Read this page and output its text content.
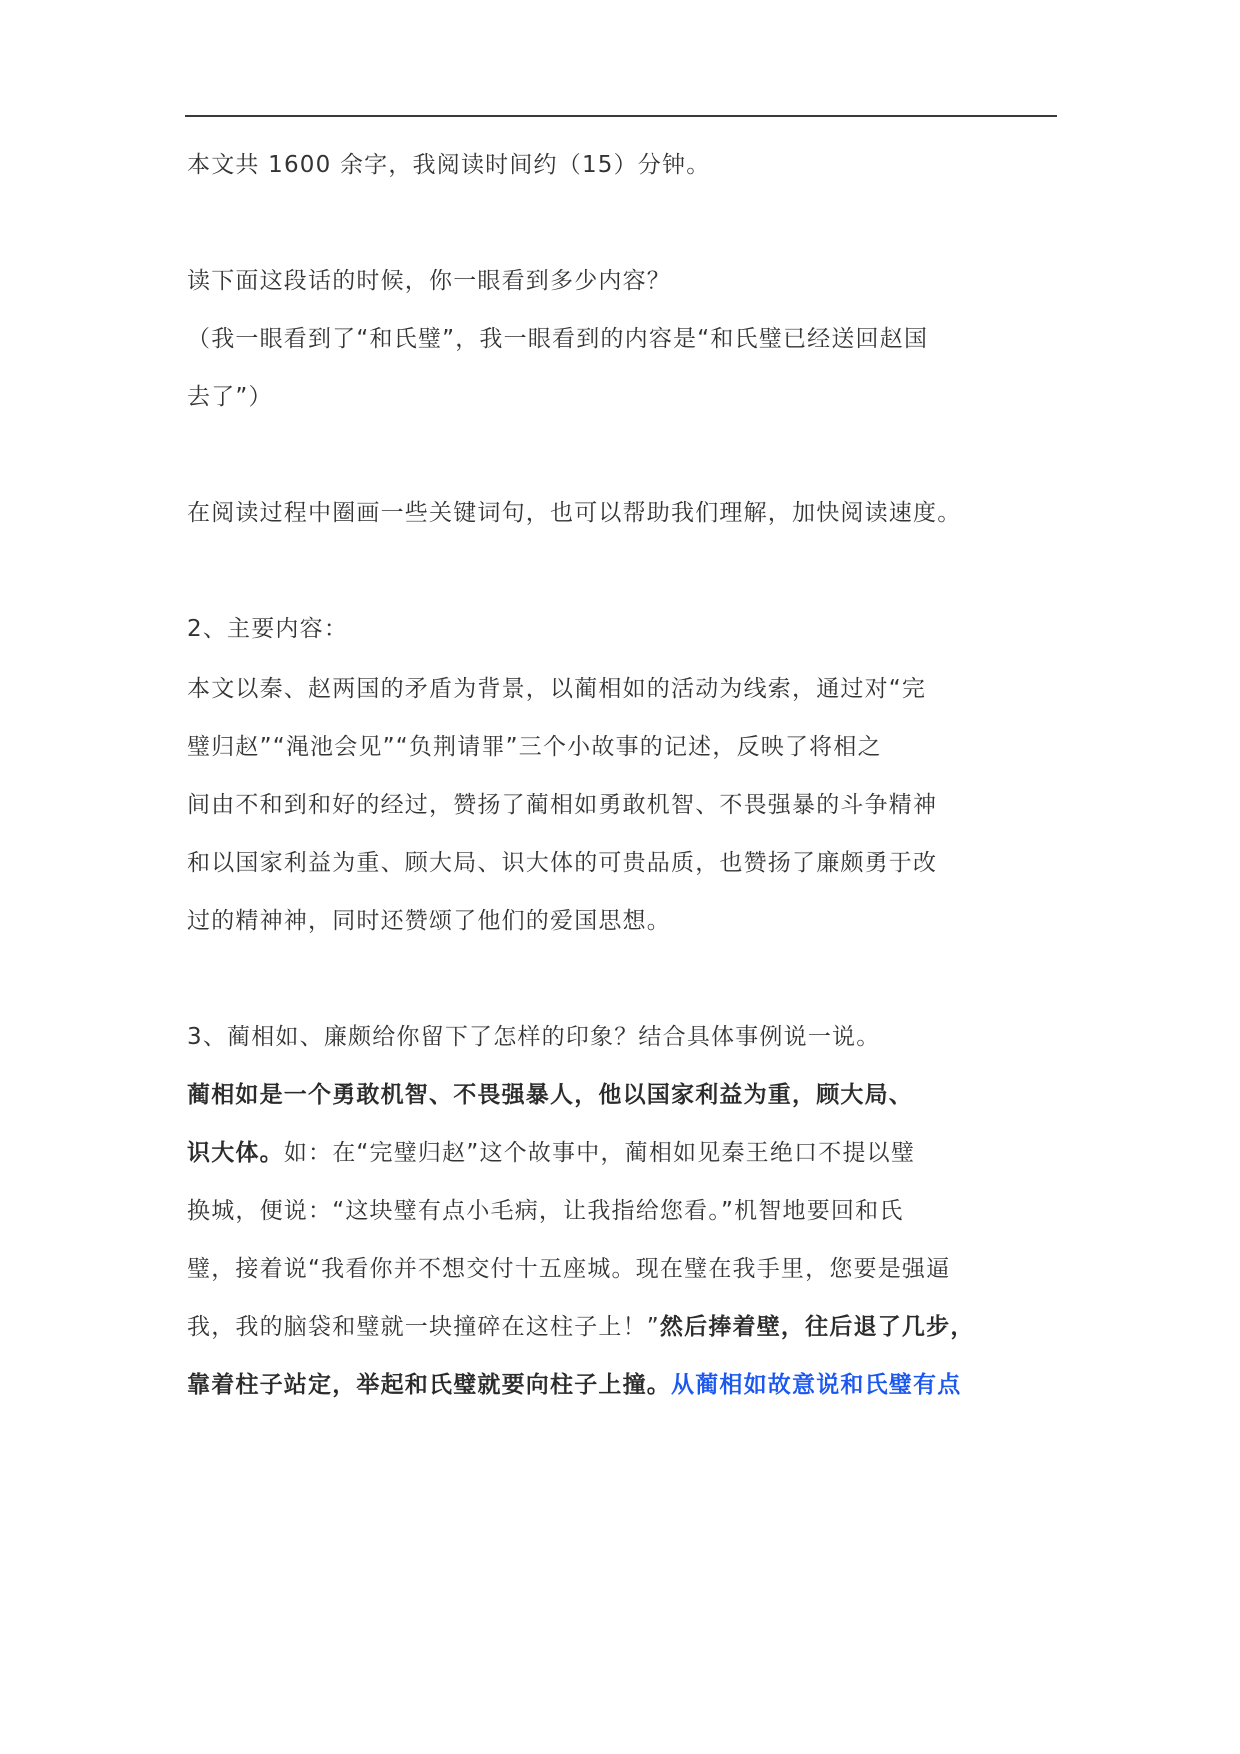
本文共 1600 余字，我阅读时间约（15）分钟。
读下面这段话的时候，你一眼看到多少内容？
（我一眼看到了“和氏璧”，我一眼看到的内容是“和氏璧已经送回赵国
去了”）
在阅读过程中圈画一些关键词句，也可以帮助我们理解，加快阅读速度。
2、主要内容：
本文以秦、赵两国的矛盾为背景，以蔺相如的活动为线索，通过对“完
璧归赵”“渑池会见”“负荆请罪”三个小故事的记述，反映了将相之
间由不和到和好的经过，赞扬了蔺相如勇敢机智、不畏强暴的斗争精神
和以国家利益为重、顾大局、识大体的可贵品质，也赞扬了廉颇勇于改
过的精神神，同时还赞颂了他们的爱国思想。
3、蔺相如、廉颇给你留下了怎样的印象？结合具体事例说一说。
蔺相如是一个勇敢机智、不畏强暴人，他以国家利益为重，顾大局、
识大体。如：在“完璧归赵”这个故事中，蔺相如见秦王绝口不提以璧
换城，便说：“这块璧有点小毛病，让我指给您看。”机智地要回和氏
璧，接着说“我看你并不想交付十五座城。现在璧在我手里，您要是强逼
我，我的脑袋和璧就一块撞碎在这柱子上！”然后捧着壁，往后退了几步，
靠着柱子站定，举起和氏璧就要向柱子上撞。从蔺相如故意说和氏璧有点
